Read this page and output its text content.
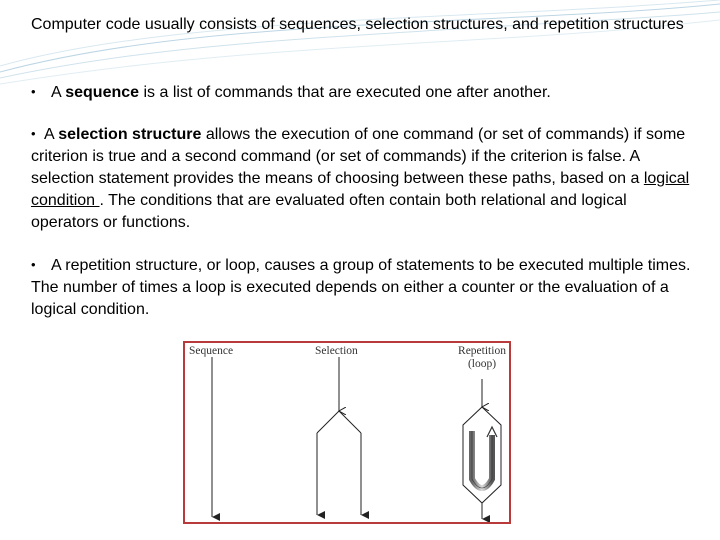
Computer code usually consists of sequences, selection structures, and repetition structures

• A sequence is a list of commands that are executed one after another.

• A selection structure allows the execution of one command (or set of commands) if some criterion is true and a second command (or set of commands) if the criterion is false. A selection statement provides the means of choosing between these paths, based on a logical condition . The conditions that are evaluated often contain both relational and logical operators or functions.

• A repetition structure, or loop, causes a group of statements to be executed multiple times. The number of times a loop is executed depends on either a counter or the evaluation of a logical condition.

Sequence	Selection	Repetition
(loop)
